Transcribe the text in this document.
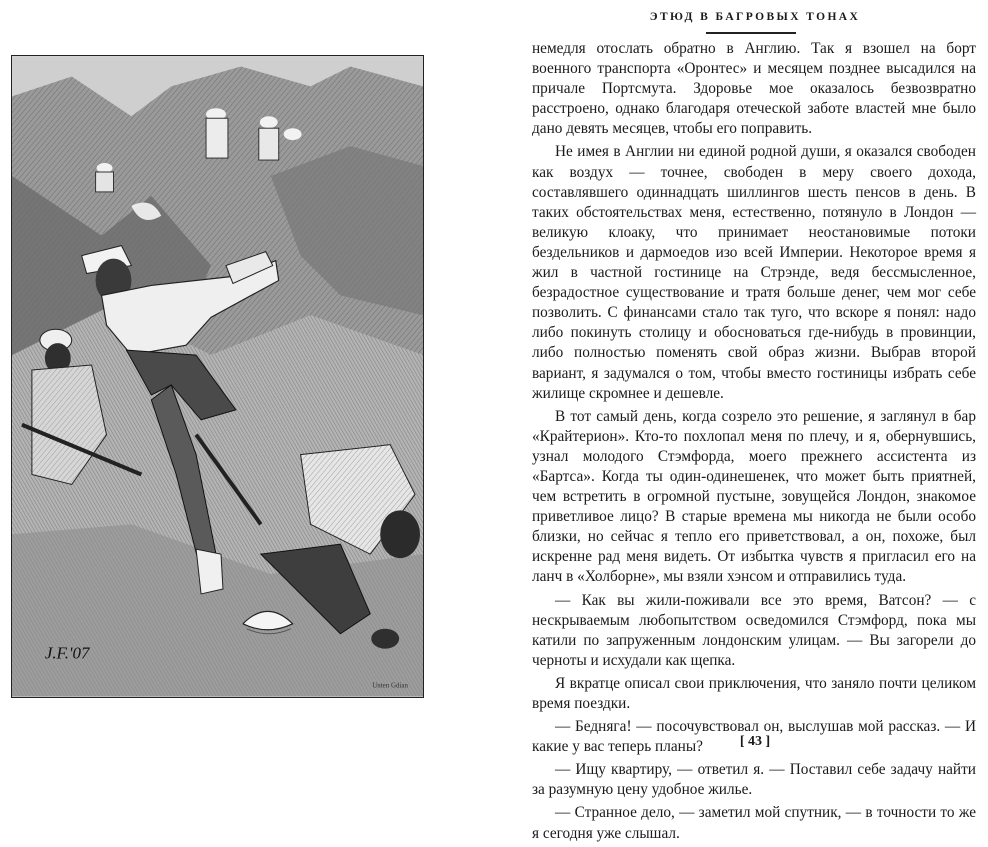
J.F.'07
Unten Gdian
ЭТЮД В БАГРОВЫХ ТОНАХ

немедля отослать обратно в Англию. Так я взошел на борт военного транспорта «Оронтес» и месяцем позднее высадился на причале Портсмута. Здоровье мое оказалось безвозвратно расстроено, однако благодаря отеческой заботе властей мне было дано девять месяцев, чтобы его поправить.

Не имея в Англии ни единой родной души, я оказался свободен как воздух — точнее, свободен в меру своего дохода, составлявшего одиннадцать шиллингов шесть пенсов в день. В таких обстоятельствах меня, естественно, потянуло в Лондон — великую клоаку, что принимает неостановимые потоки бездельников и дармоедов изо всей Империи. Некоторое время я жил в частной гостинице на Стрэнде, ведя бессмысленное, безрадостное существование и тратя больше денег, чем мог себе позволить. С финансами стало так туго, что вскоре я понял: надо либо покинуть столицу и обосноваться где-нибудь в провинции, либо полностью поменять свой образ жизни. Выбрав второй вариант, я задумался о том, чтобы вместо гостиницы избрать себе жилище скромнее и дешевле.

В тот самый день, когда созрело это решение, я заглянул в бар «Крайтерион». Кто-то похлопал меня по плечу, и я, обернувшись, узнал молодого Стэмфорда, моего прежнего ассистента из «Бартса». Когда ты один-одинешенек, что может быть приятней, чем встретить в огромной пустыне, зовущейся Лондон, знакомое приветливое лицо? В старые времена мы никогда не были особо близки, но сейчас я тепло его приветствовал, а он, похоже, был искренне рад меня видеть. От избытка чувств я пригласил его на ланч в «Холборне», мы взяли хэнсом и отправились туда.

— Как вы жили-поживали все это время, Ватсон? — с нескрываемым любопытством осведомился Стэмфорд, пока мы катили по запруженным лондонским улицам. — Вы загорели до черноты и исхудали как щепка.

Я вкратце описал свои приключения, что заняло почти целиком время поездки.

— Бедняга! — посочувствовал он, выслушав мой рассказ. — И какие у вас теперь планы?

— Ищу квартиру, — ответил я. — Поставил себе задачу найти за разумную цену удобное жилье.

— Странное дело, — заметил мой спутник, — в точности то же я сегодня уже слышал.

[ 43 ]
